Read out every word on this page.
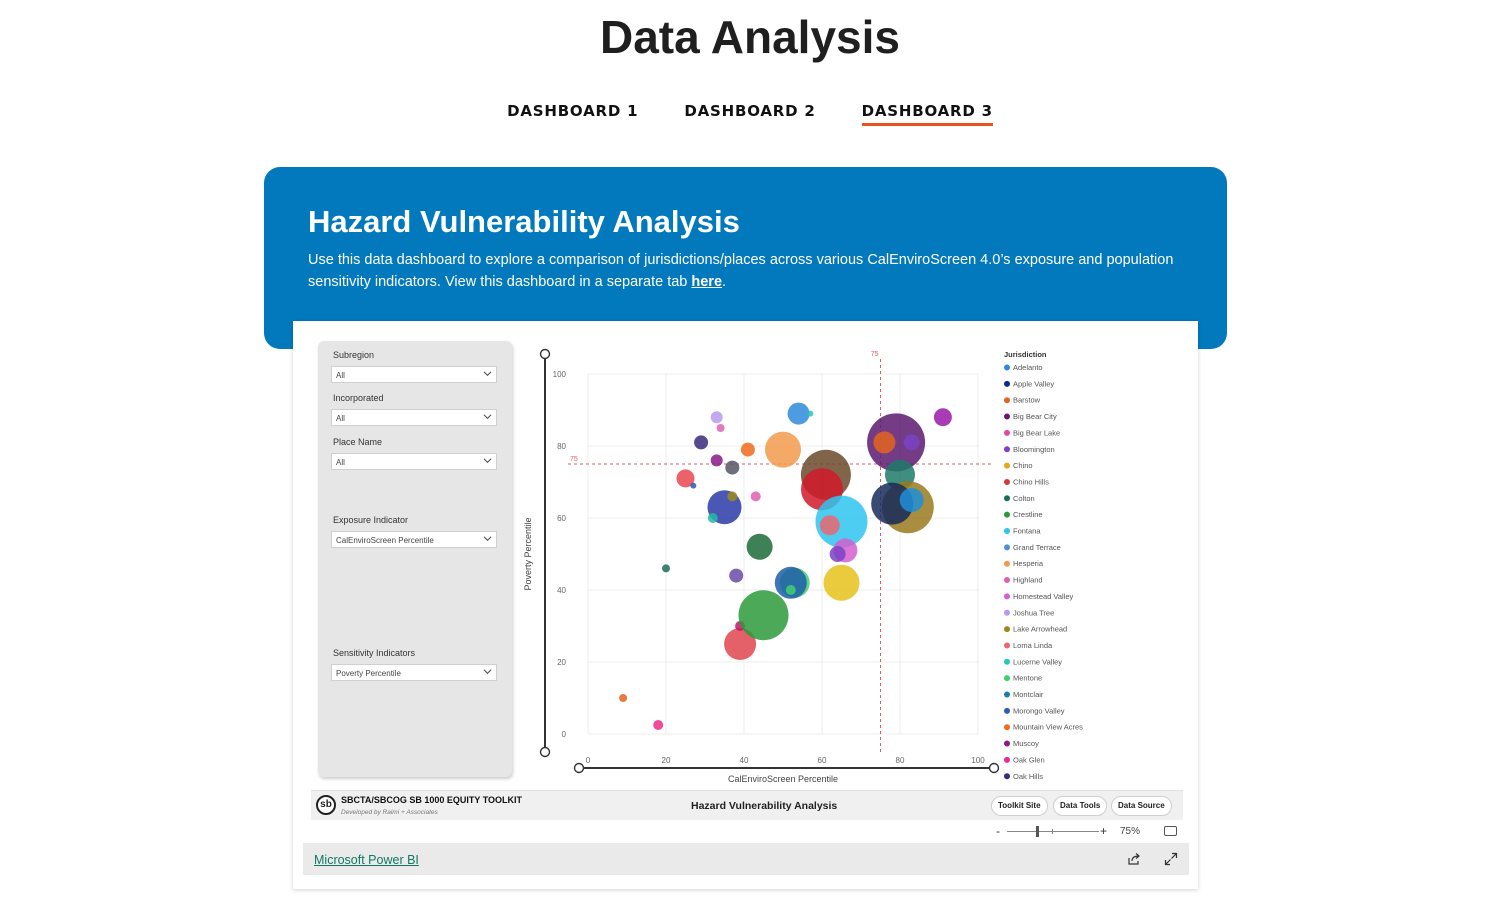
Data Analysis
DASHBOARD 1	DASHBOARD 2	DASHBOARD 3
Hazard Vulnerability Analysis
Use this data dashboard to explore a comparison of jurisdictions/places across various CalEnviroScreen 4.0’s exposure and population sensitivity indicators. View this dashboard in a separate tab here.
Subregion
All
Incorporated
All
Place Name
All
Exposure Indicator
CalEnviroScreen Percentile
Sensitivity Indicators
Poverty Percentile
0
20
40
60
80
100
0	20	40	60	80	100
75
75
CalEnviroScreen Percentile
Poverty Percentile
Jurisdiction
Adelanto
Apple Valley
Barstow
Big Bear City
Big Bear Lake
Bloomington
Chino
Chino Hills
Colton
Crestline
Fontana
Grand Terrace
Hesperia
Highland
Homestead Valley
Joshua Tree
Lake Arrowhead
Loma Linda
Lucerne Valley
Mentone
Montclair
Morongo Valley
Mountain View Acres
Muscoy
Oak Glen
Oak Hills
sb	SBCTA/SBCOG SB 1000 EQUITY TOOLKIT
Developed by Raimi + Associates
Hazard Vulnerability Analysis	Toolkit Site	Data Tools	Data Source
-	+ 75%
Microsoft Power BI
